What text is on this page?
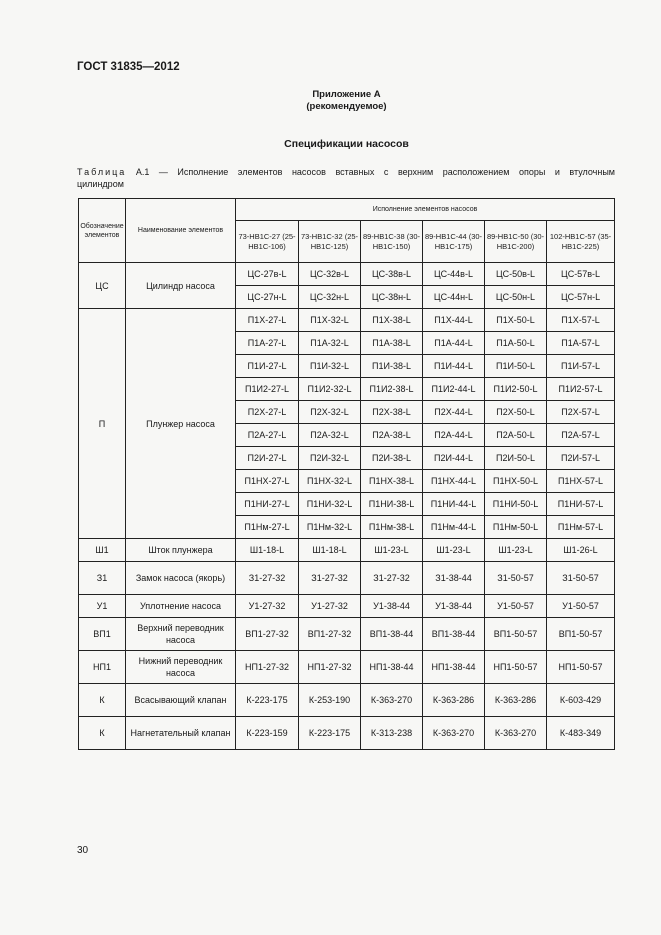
ГОСТ 31835—2012
Приложение А
(рекомендуемое)
Спецификации насосов
Таблица А.1 — Исполнение элементов насосов вставных с верхним расположением опоры и втулочным
цилиндром
Обозначение элементов	Наименование элементов	Исполнение элементов насосов					
		73-НВ1С-27 (25-НВ1С-106)	73-НВ1С-32 (25-НВ1С-125)	89-НВ1С-38 (30-НВ1С-150)	89-НВ1С-44 (30-НВ1С-175)	89-НВ1С-50 (30-НВ1С-200)	102-НВ1С-57 (35-НВ1С-225)
ЦС	Цилиндр насоса	ЦС-27в-L	ЦС-32в-L	ЦС-38в-L	ЦС-44в-L	ЦС-50в-L	ЦС-57в-L
		ЦС-27н-L	ЦС-32н-L	ЦС-38н-L	ЦС-44н-L	ЦС-50н-L	ЦС-57н-L
П	Плунжер насоса	П1Х-27-L	П1Х-32-L	П1Х-38-L	П1Х-44-L	П1Х-50-L	П1Х-57-L
		П1А-27-L	П1А-32-L	П1А-38-L	П1А-44-L	П1А-50-L	П1А-57-L
		П1И-27-L	П1И-32-L	П1И-38-L	П1И-44-L	П1И-50-L	П1И-57-L
		П1И2-27-L	П1И2-32-L	П1И2-38-L	П1И2-44-L	П1И2-50-L	П1И2-57-L
		П2Х-27-L	П2Х-32-L	П2Х-38-L	П2Х-44-L	П2Х-50-L	П2Х-57-L
		П2А-27-L	П2А-32-L	П2А-38-L	П2А-44-L	П2А-50-L	П2А-57-L
		П2И-27-L	П2И-32-L	П2И-38-L	П2И-44-L	П2И-50-L	П2И-57-L
		П1НХ-27-L	П1НХ-32-L	П1НХ-38-L	П1НХ-44-L	П1НХ-50-L	П1НХ-57-L
		П1НИ-27-L	П1НИ-32-L	П1НИ-38-L	П1НИ-44-L	П1НИ-50-L	П1НИ-57-L
		П1Нм-27-L	П1Нм-32-L	П1Нм-38-L	П1Нм-44-L	П1Нм-50-L	П1Нм-57-L
Ш1	Шток плунжера	Ш1-18-L	Ш1-18-L	Ш1-23-L	Ш1-23-L	Ш1-23-L	Ш1-26-L
З1	Замок насоса (якорь)	З1-27-32	З1-27-32	З1-27-32	З1-38-44	З1-50-57	З1-50-57
У1	Уплотнение насоса	У1-27-32	У1-27-32	У1-38-44	У1-38-44	У1-50-57	У1-50-57
ВП1	Верхний переводник насоса	ВП1-27-32	ВП1-27-32	ВП1-38-44	ВП1-38-44	ВП1-50-57	ВП1-50-57
НП1	Нижний переводник насоса	НП1-27-32	НП1-27-32	НП1-38-44	НП1-38-44	НП1-50-57	НП1-50-57
К	Всасывающий клапан	К-223-175	К-253-190	К-363-270	К-363-286	К-363-286	К-603-429
К	Нагнетательный клапан	К-223-159	К-223-175	К-313-238	К-363-270	К-363-270	К-483-349
30
